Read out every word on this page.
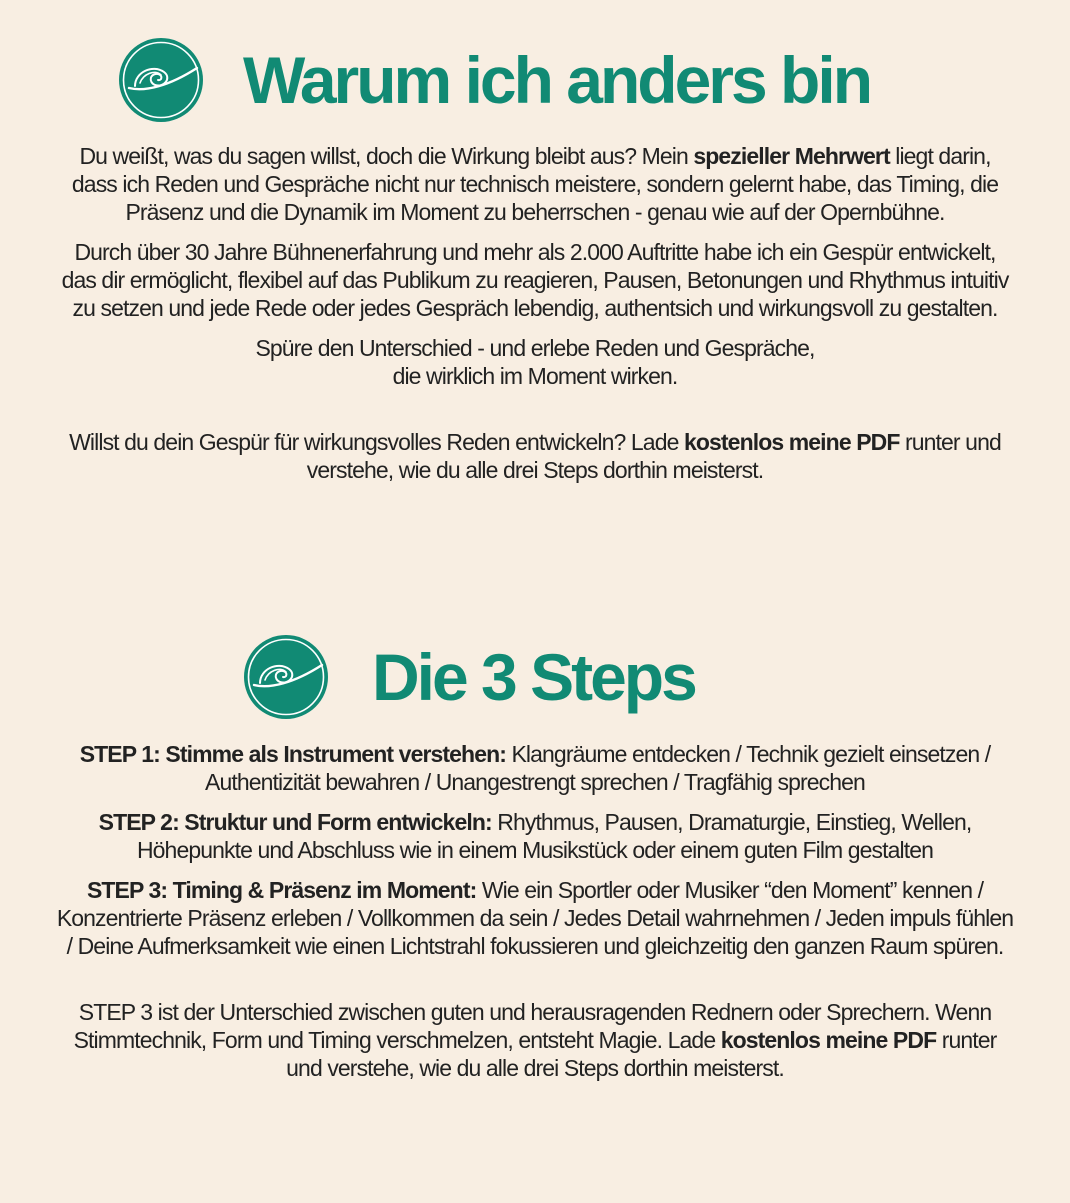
Warum ich anders bin

Du weißt, was du sagen willst, doch die Wirkung bleibt aus? Mein spezieller Mehrwert liegt darin, dass ich Reden und Gespräche nicht nur technisch meistere, sondern gelernt habe, das Timing, die Präsenz und die Dynamik im Moment zu beherrschen - genau wie auf der Opernbühne.

Durch über 30 Jahre Bühnenerfahrung und mehr als 2.000 Auftritte habe ich ein Gespür entwickelt, das dir ermöglicht, flexibel auf das Publikum zu reagieren, Pausen, Betonungen und Rhythmus intuitiv zu setzen und jede Rede oder jedes Gespräch lebendig, authentsich und wirkungsvoll zu gestalten.

Spüre den Unterschied - und erlebe Reden und Gespräche,
die wirklich im Moment wirken.

Willst du dein Gespür für wirkungsvolles Reden entwickeln? Lade kostenlos meine PDF runter und verstehe, wie du alle drei Steps dorthin meisterst.

Die 3 Steps

STEP 1: Stimme als Instrument verstehen: Klangräume entdecken / Technik gezielt einsetzen / Authentizität bewahren / Unangestrengt sprechen / Tragfähig sprechen

STEP 2: Struktur und Form entwickeln: Rhythmus, Pausen, Dramaturgie, Einstieg, Wellen, Höhepunkte und Abschluss wie in einem Musikstück oder einem guten Film gestalten

STEP 3: Timing & Präsenz im Moment: Wie ein Sportler oder Musiker “den Moment” kennen / Konzentrierte Präsenz erleben / Vollkommen da sein / Jedes Detail wahrnehmen / Jeden impuls fühlen / Deine Aufmerksamkeit wie einen Lichtstrahl fokussieren und gleichzeitig den ganzen Raum spüren.

STEP 3 ist der Unterschied zwischen guten und herausragenden Rednern oder Sprechern. Wenn Stimmtechnik, Form und Timing verschmelzen, entsteht Magie. Lade kostenlos meine PDF runter und verstehe, wie du alle drei Steps dorthin meisterst.
